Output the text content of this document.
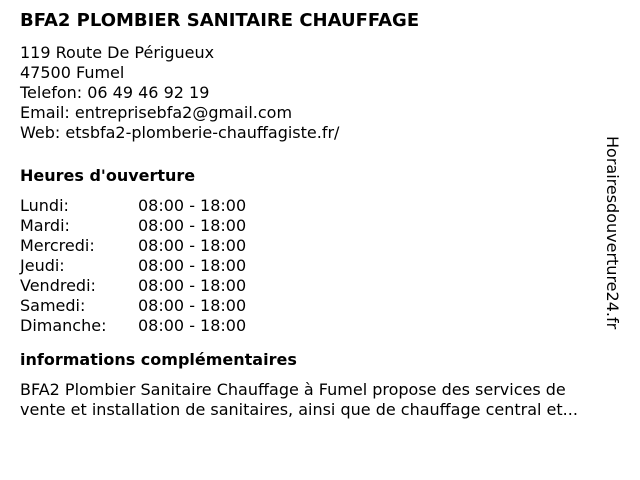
BFA2 PLOMBIER SANITAIRE CHAUFFAGE
119 Route De Périgueux
47500 Fumel
Telefon: 06 49 46 92 19
Email: entreprisebfa2@gmail.com
Web: etsbfa2-plomberie-chauffagiste.fr/
Heures d'ouverture
Lundi:	08:00 - 18:00
Mardi:	08:00 - 18:00
Mercredi:	08:00 - 18:00
Jeudi:	08:00 - 18:00
Vendredi:	08:00 - 18:00
Samedi:	08:00 - 18:00
Dimanche:	08:00 - 18:00
informations complémentaires
BFA2 Plombier Sanitaire Chauffage à Fumel propose des services de
vente et installation de sanitaires, ainsi que de chauffage central et...
Horairesdouverture24.fr
